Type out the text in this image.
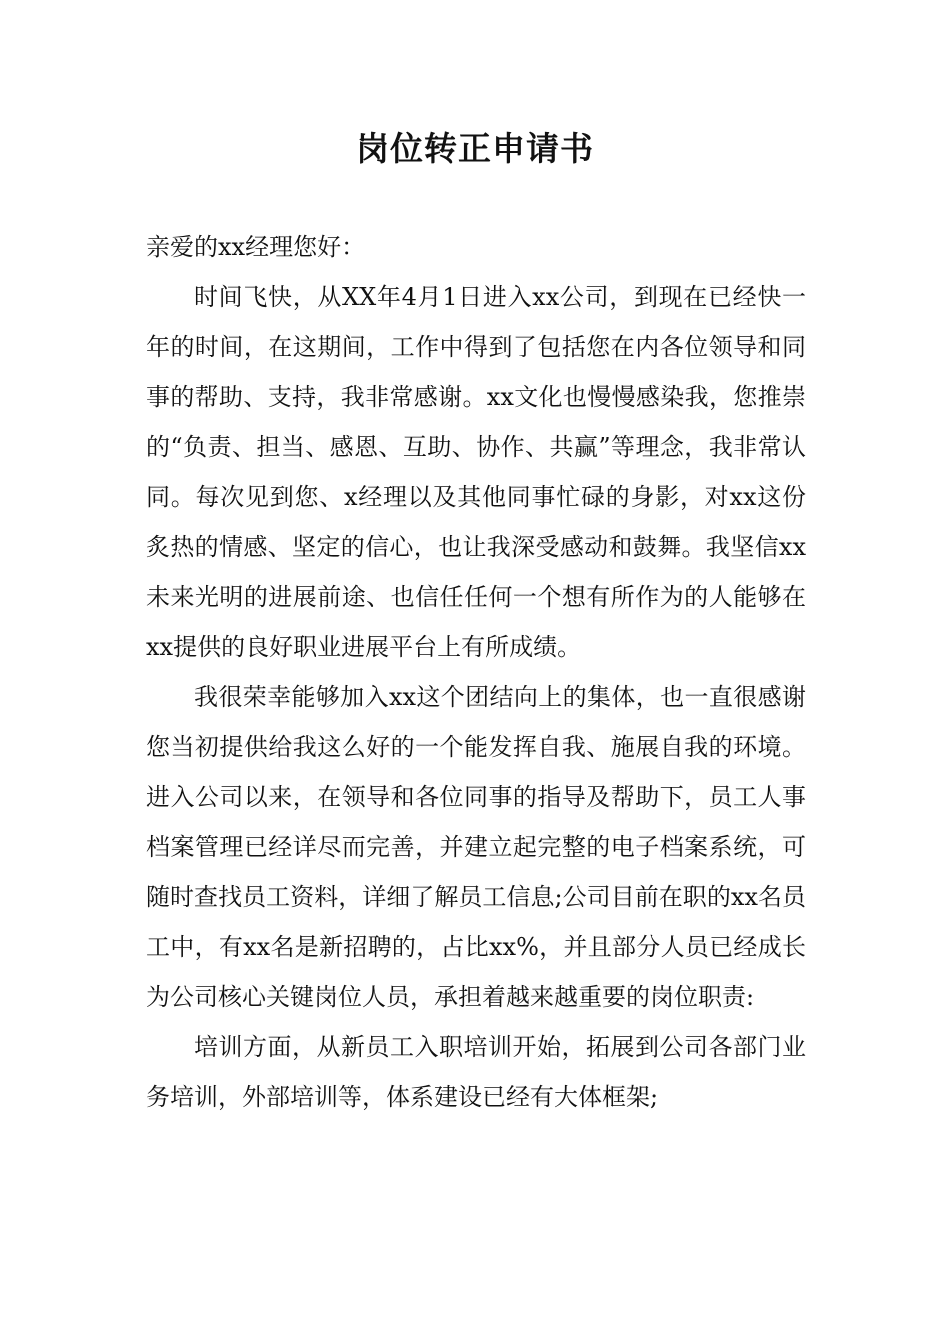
岗位转正申请书

亲爱的xx经理您好：

时间飞快，从XX年4月1日进入xx公司，到现在已经快一年的时间，在这期间，工作中得到了包括您在内各位领导和同事的帮助、支持，我非常感谢。xx文化也慢慢感染我，您推崇的“负责、担当、感恩、互助、协作、共赢”等理念，我非常认同。每次见到您、x经理以及其他同事忙碌的身影，对xx这份炙热的情感、坚定的信心，也让我深受感动和鼓舞。我坚信xx未来光明的进展前途、也信任任何一个想有所作为的人能够在xx提供的良好职业进展平台上有所成绩。

我很荣幸能够加入xx这个团结向上的集体，也一直很感谢您当初提供给我这么好的一个能发挥自我、施展自我的环境。进入公司以来，在领导和各位同事的指导及帮助下，员工人事档案管理已经详尽而完善，并建立起完整的电子档案系统，可随时查找员工资料，详细了解员工信息;公司目前在职的xx名员工中，有xx名是新招聘的，占比xx%，并且部分人员已经成长为公司核心关键岗位人员，承担着越来越重要的岗位职责:

培训方面，从新员工入职培训开始，拓展到公司各部门业务培训，外部培训等，体系建设已经有大体框架;
